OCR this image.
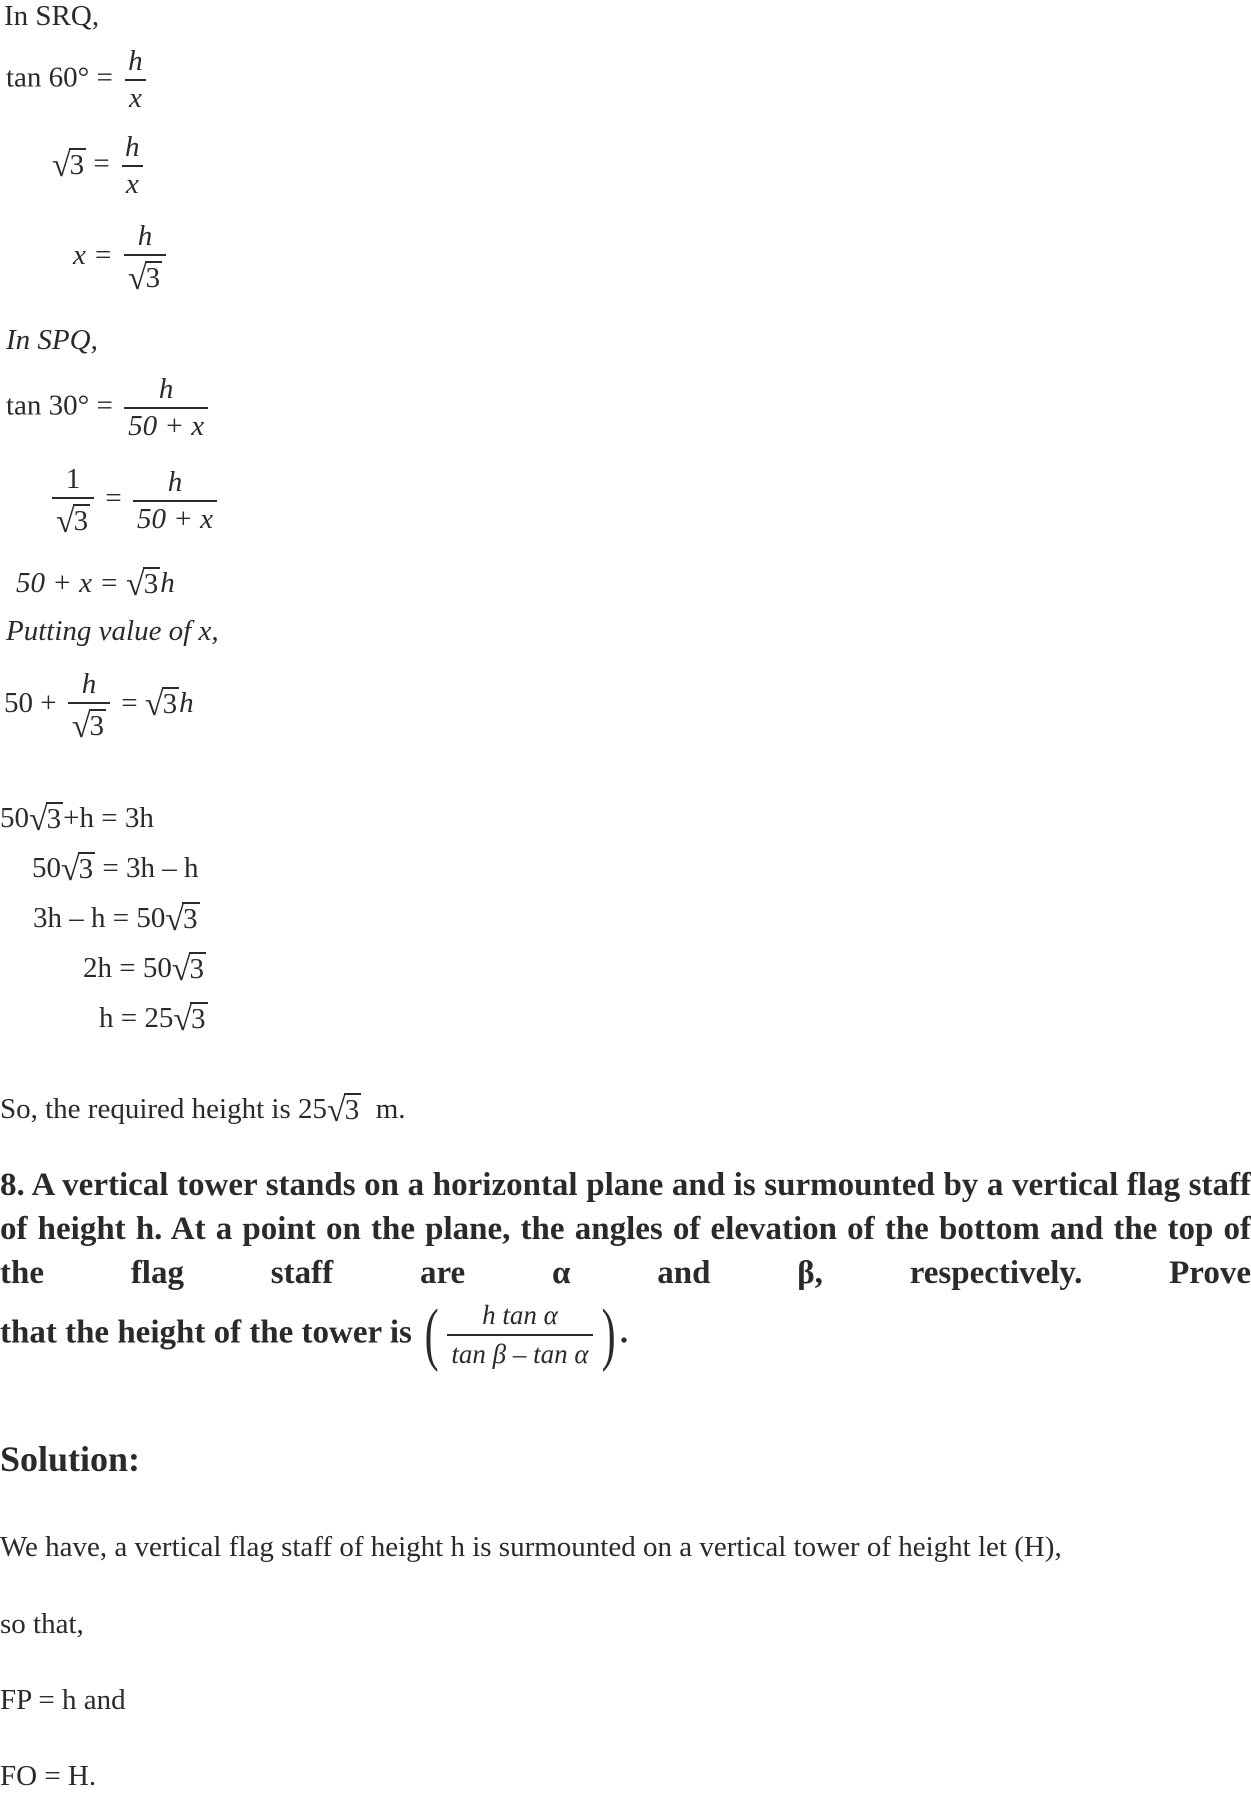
In SRQ,
$\tan 60^\circ = \frac{h}{x}$
√ $3 = \frac{h}{x}$
$x = \frac{h}{√ 3}$
In SPQ,
$\tan 30^\circ = \frac{h}{50 + x}$
$\frac{1}{√ 3} = \frac{h}{50 + x}$
50 + x = √ 3 h
Putting value of x,
$50 + \frac{h}{√ 3}$ = √ 3 h
50 √ 3 +h = 3h
50 √ 3 = 3h – h
3h – h = 50 √ 3
2h = 50 √ 3
h = 25 √ 3
So, the required height is 25 √ 3 m.
8. A vertical tower stands on a horizontal plane and is surmounted by a vertical flag staff of height h. At a point on the plane, the angles of elevation of the bottom and the top of the flag staff are α and β, respectively. Prove
that the height of the tower is ( $\frac{\text{h tan α}}{\text{tan β – tan α}}$ ) .
Solution:
We have, a vertical flag staff of height h is surmounted on a vertical tower of height let (H),
so that,
FP = h and
FO = H.
